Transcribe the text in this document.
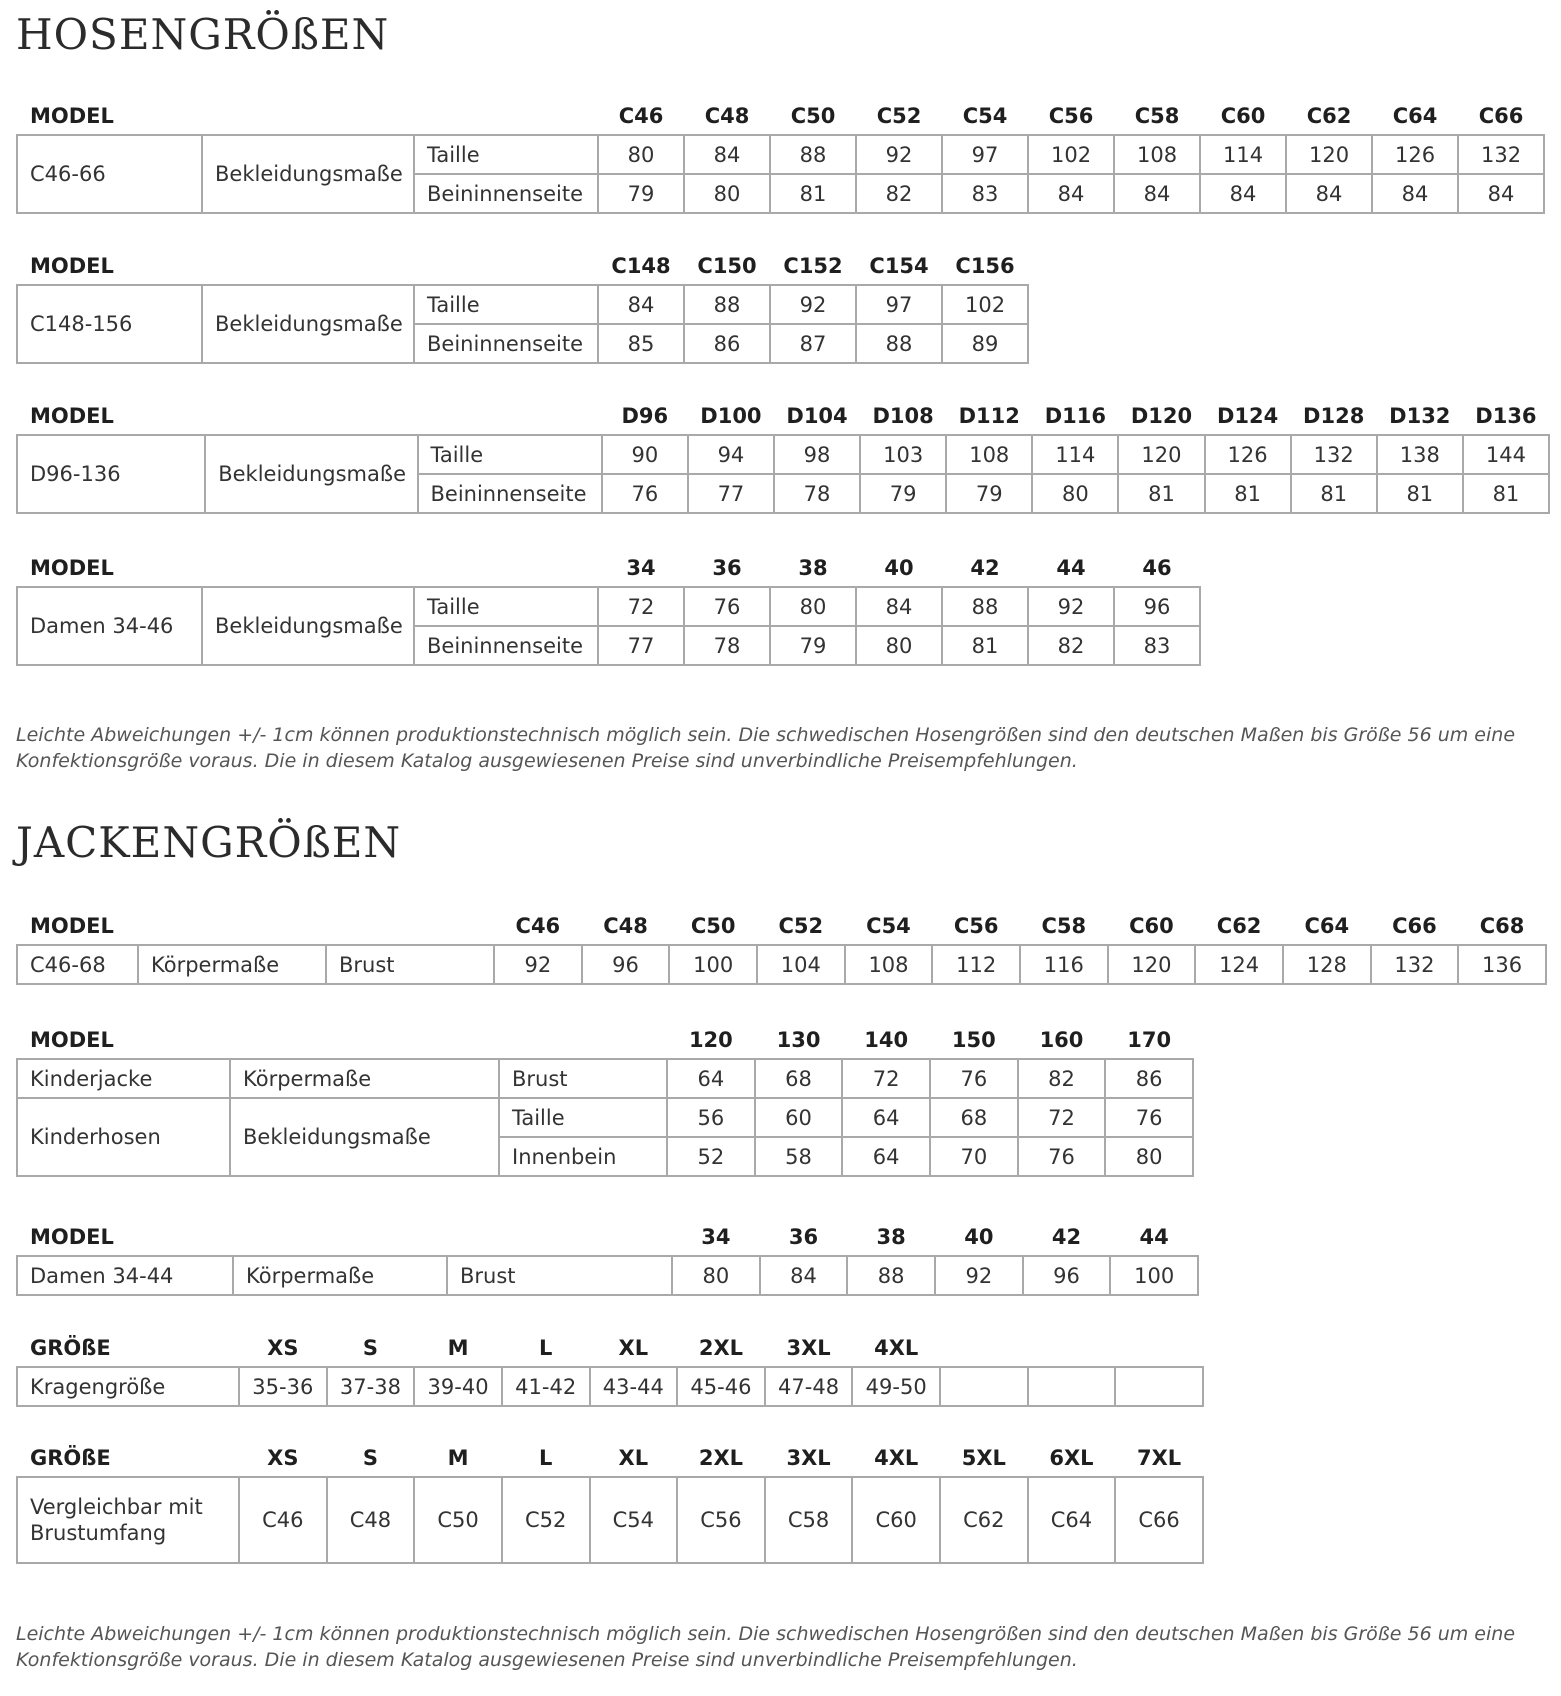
HOSENGRÖßEN
MODEL			C46	C48	C50	C52	C54	C56	C58	C60	C62	C64	C66
C46-66	Bekleidungsmaße	Taille	80	84	88	92	97	102	108	114	120	126	132
		Beininnenseite	79	80	81	82	83	84	84	84	84	84	84
MODEL			C148	C150	C152	C154	C156
C148-156	Bekleidungsmaße	Taille	84	88	92	97	102
		Beininnenseite	85	86	87	88	89
MODEL			D96	D100	D104	D108	D112	D116	D120	D124	D128	D132	D136
D96-136	Bekleidungsmaße	Taille	90	94	98	103	108	114	120	126	132	138	144
		Beininnenseite	76	77	78	79	79	80	81	81	81	81	81
MODEL			34	36	38	40	42	44	46
Damen 34-46	Bekleidungsmaße	Taille	72	76	80	84	88	92	96
		Beininnenseite	77	78	79	80	81	82	83

Leichte Abweichungen +/- 1cm können produktionstechnisch möglich sein. Die schwedischen Hosengrößen sind den deutschen Maßen bis Größe 56 um eine Konfektionsgröße voraus. Die in diesem Katalog ausgewiesenen Preise sind unverbindliche Preisempfehlungen.

JACKENGRÖßEN
MODEL			C46	C48	C50	C52	C54	C56	C58	C60	C62	C64	C66	C68
C46-68	Körpermaße	Brust	92	96	100	104	108	112	116	120	124	128	132	136
MODEL			120	130	140	150	160	170
Kinderjacke	Körpermaße	Brust	64	68	72	76	82	86
Kinderhosen	Bekleidungsmaße	Taille	56	60	64	68	72	76
		Innenbein	52	58	64	70	76	80
MODEL			34	36	38	40	42	44
Damen 34-44	Körpermaße	Brust	80	84	88	92	96	100
GRÖßE	XS	S	M	L	XL	2XL	3XL	4XL			
Kragengröße	35-36	37-38	39-40	41-42	43-44	45-46	47-48	49-50			
GRÖßE	XS	S	M	L	XL	2XL	3XL	4XL	5XL	6XL	7XL
Vergleichbar mit
Brustumfang	C46	C48	C50	C52	C54	C56	C58	C60	C62	C64	C66

Leichte Abweichungen +/- 1cm können produktionstechnisch möglich sein. Die schwedischen Hosengrößen sind den deutschen Maßen bis Größe 56 um eine Konfektionsgröße voraus. Die in diesem Katalog ausgewiesenen Preise sind unverbindliche Preisempfehlungen.
